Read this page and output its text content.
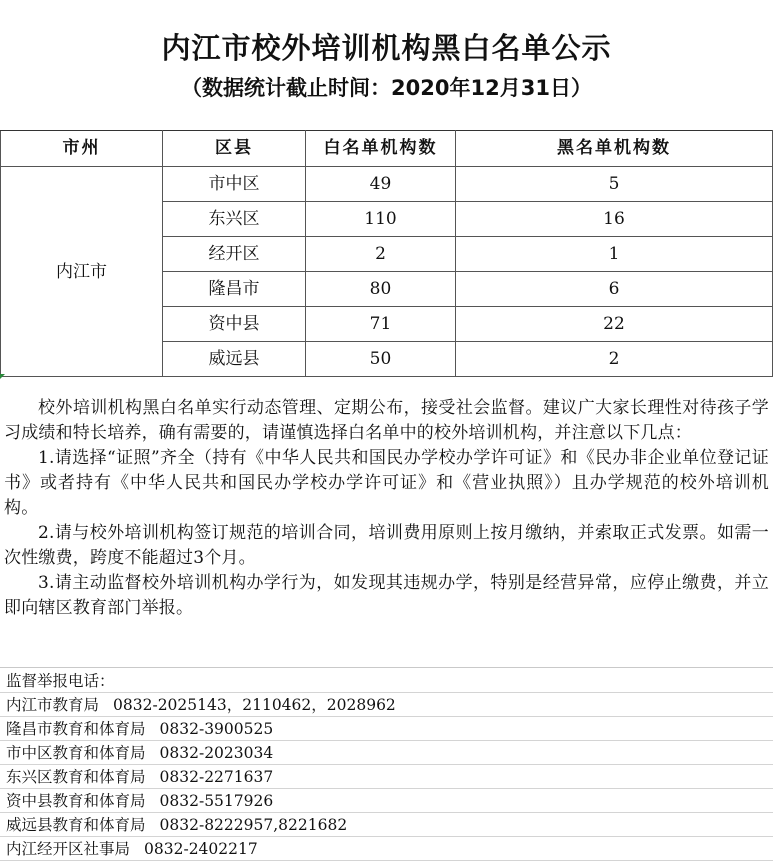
内江市校外培训机构黑白名单公示
（数据统计截止时间：2020年12月31日）
市州	区县	白名单机构数	黑名单机构数
内江市	市中区	49	5
	东兴区	110	16
	经开区	2	1
	隆昌市	80	6
	资中县	71	22
	威远县	50	2

校外培训机构黑白名单实行动态管理、定期公布，接受社会监督。建议广大家长理性对待孩子学习成绩和特长培养，确有需要的，请谨慎选择白名单中的校外培训机构，并注意以下几点：

1.请选择“证照”齐全（持有《中华人民共和国民办学校办学许可证》和《民办非企业单位登记证书》或者持有《中华人民共和国民办学校办学许可证》和《营业执照》）且办学规范的校外培训机构。

2.请与校外培训机构签订规范的培训合同，培训费用原则上按月缴纳，并索取正式发票。如需一次性缴费，跨度不能超过3个月。

3.请主动监督校外培训机构办学行为，如发现其违规办学，特别是经营异常，应停止缴费，并立即向辖区教育部门举报。

监督举报电话：
内江市教育局 0832-2025143，2110462，2028962
隆昌市教育和体育局 0832-3900525
市中区教育和体育局 0832-2023034
东兴区教育和体育局 0832-2271637
资中县教育和体育局 0832-5517926
威远县教育和体育局 0832-8222957,8221682
内江经开区社事局 0832-2402217
